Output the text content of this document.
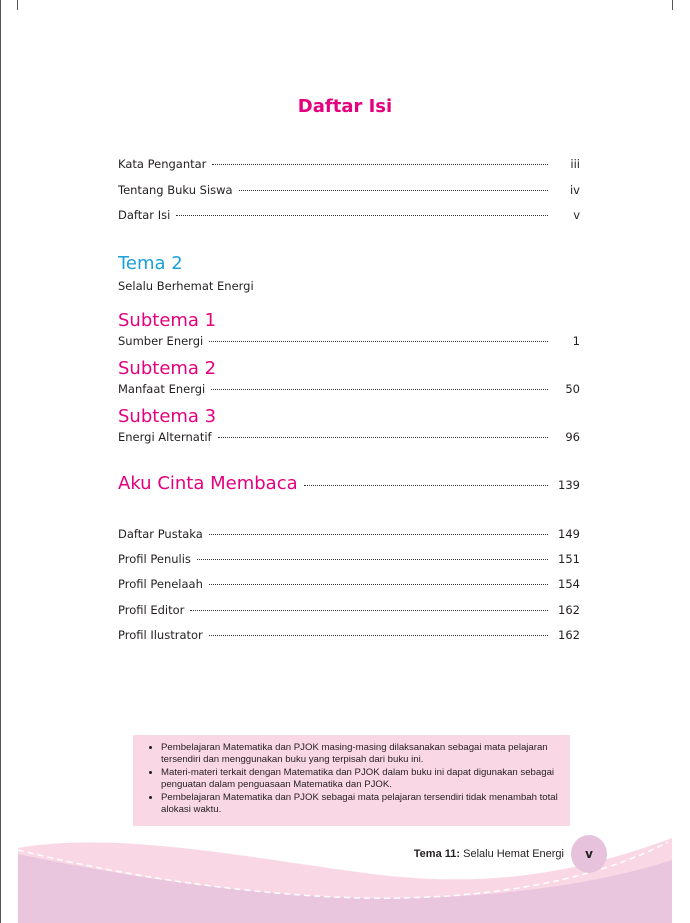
Daftar Isi
Kata Pengantar	iii
Tentang Buku Siswa	iv
Daftar Isi	v
Tema 2
Selalu Berhemat Energi
Subtema 1
Sumber Energi	1
Subtema 2
Manfaat Energi	50
Subtema 3
Energi Alternatif	96
Aku Cinta Membaca	139
Daftar Pustaka	149
Profil Penulis	151
Profil Penelaah	154
Profil Editor	162
Profil Ilustrator	162
• Pembelajaran Matematika dan PJOK masing-masing dilaksanakan sebagai mata pelajaran tersendiri dan menggunakan buku yang terpisah dari buku ini.
• Materi-materi terkait dengan Matematika dan PJOK dalam buku ini dapat digunakan sebagai penguatan dalam penguasaan Matematika dan PJOK.
• Pembelajaran Matematika dan PJOK sebagai mata pelajaran tersendiri tidak menambah total alokasi waktu.
Tema 11: Selalu Hemat Energi	v
